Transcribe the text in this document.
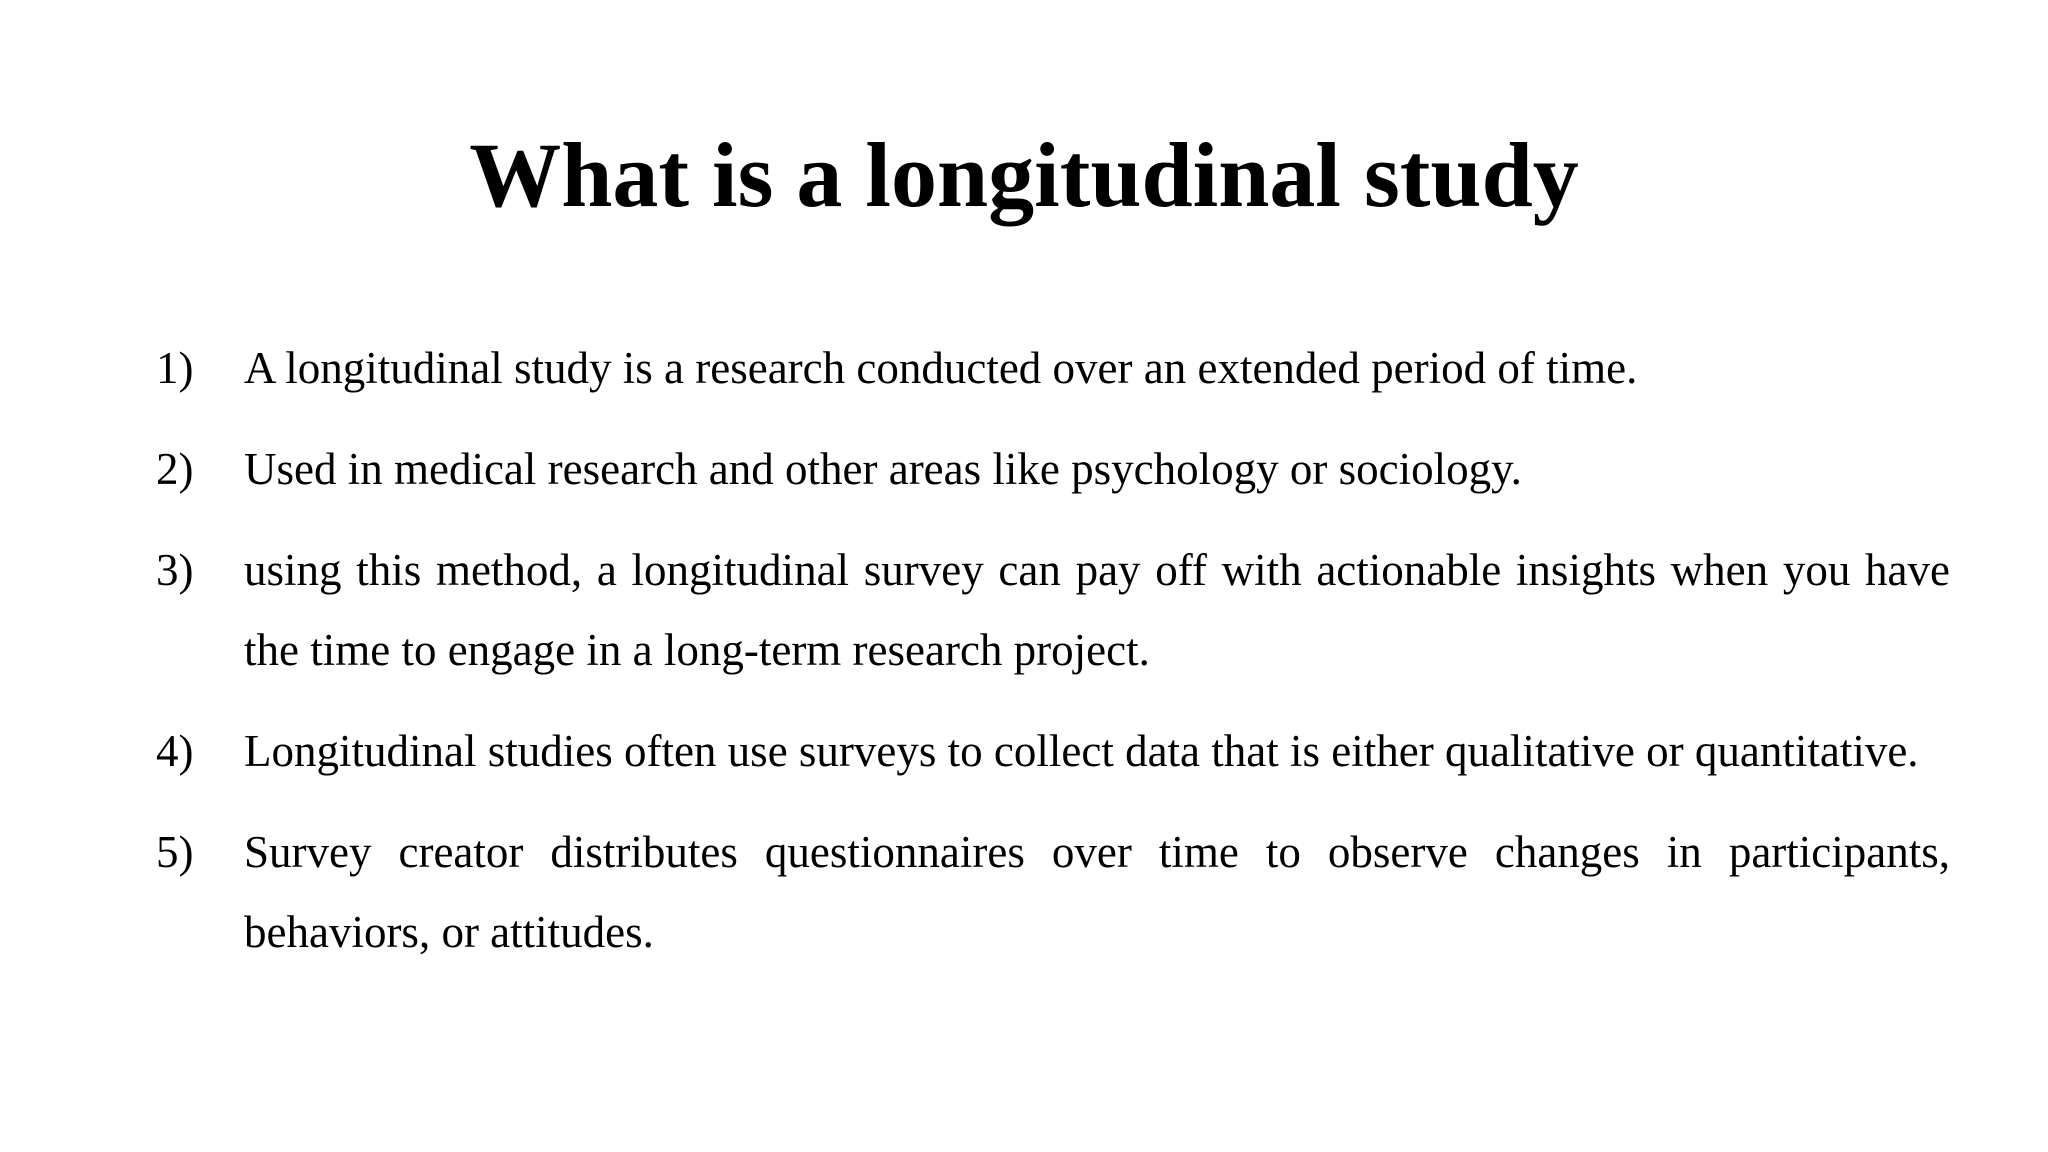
What is a longitudinal study
1) A longitudinal study is a research conducted over an extended period of time.
2) Used in medical research and other areas like psychology or sociology.
3) using this method, a longitudinal survey can pay off with actionable insights when you have the time to engage in a long-term research project.
4) Longitudinal studies often use surveys to collect data that is either qualitative or quantitative.
5) Survey creator distributes questionnaires over time to observe changes in participants, behaviors, or attitudes.
